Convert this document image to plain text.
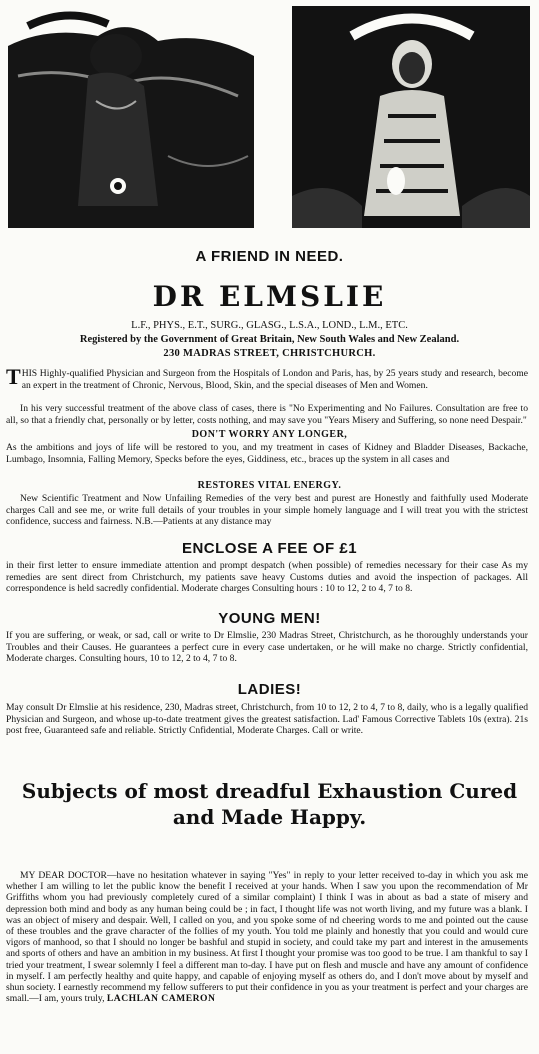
A FRIEND IN NEED.
DR ELMSLIE
L.F., PHYS., E.T., SURG., GLASG., L.S.A., LOND., L.M., ETC.
Registered by the Government of Great Britain, New South Wales and New Zealand.
230 MADRAS STREET, CHRISTCHURCH.

THIS Highly-qualified Physician and Surgeon from the Hospitals of London and Paris, has, by 25 years study and research, become an expert in the treatment of Chronic, Nervous, Blood, Skin, and the special diseases of Men and Women.

In his very successful treatment of the above class of cases, there is "No Experimenting and No Failures. Consultation are free to all, so that a friendly chat, personally or by letter, costs nothing, and may save you "Years Misery and Suffering, so none need Despair."

DON'T WORRY ANY LONGER,

As the ambitions and joys of life will be restored to you, and my treatment in cases of Kidney and Bladder Diseases, Backache, Lumbago, Insomnia, Falling Memory, Specks before the eyes, Giddiness, etc., braces up the system in all cases and

RESTORES VITAL ENERGY.

New Scientific Treatment and Now Unfailing Remedies of the very best and purest are Honestly and faithfully used Moderate charges Call and see me, or write full details of your troubles in your simple homely language and I will treat you with the strictest confidence, success and fairness. N.B.—Patients at any distance may

ENCLOSE A FEE OF £1

in their first letter to ensure immediate attention and prompt despatch (when possible) of remedies necessary for their case As my remedies are sent direct from Christchurch, my patients save heavy Customs duties and avoid the inspection of packages. All correspondence is held sacredly confidential. Moderate charges Consulting hours : 10 to 12, 2 to 4, 7 to 8.

YOUNG MEN!

If you are suffering, or weak, or sad, call or write to Dr Elmslie, 230 Madras Street, Christchurch, as he thoroughly understands your Troubles and their Causes. He guarantees a perfect cure in every case undertaken, or he will make no charge. Strictly confidential, Moderate charges. Consulting hours, 10 to 12, 2 to 4, 7 to 8.

LADIES!

May consult Dr Elmslie at his residence, 230, Madras street, Christchurch, from 10 to 12, 2 to 4, 7 to 8, daily, who is a legally qualified Physician and Surgeon, and whose up-to-date treatment gives the greatest satisfaction. Lad' Famous Corrective Tablets 10s (extra). 21s post free, Guaranteed safe and reliable. Strictly Cnfidential, Moderate Charges. Call or write.

Subjects of most dreadful Exhaustion Cured and Made Happy.

MY DEAR DOCTOR—have no hesitation whatever in saying "Yes" in reply to your letter received to-day in which you ask me whether I am willing to let the public know the benefit I received at your hands. When I saw you upon the recommendation of Mr Griffiths whom you had previously completely cured of a similar complaint) I think I was in about as bad a state of misery and depression both mind and body as any human being could be ; in fact, I thought life was not worth living, and my future was a blank. I was an object of misery and despair. Well, I called on you, and you spoke some of nd cheering words to me and pointed out the cause of these troubles and the grave character of the follies of my youth. You told me plainly and honestly that you could and would cure vigors of manhood, so that I should no longer be bashful and stupid in society, and could take my part and interest in the amusements and sports of others and have an ambition in my business. At first I thought your promise was too good to be true. I am thankful to say I tried your treatment, I swear solemnly I feel a different man to-day. I have put on flesh and muscle and have any amount of confidence in myself. I am perfectly healthy and quite happy, and capable of enjoying myself as others do, and I don't move about by myself and shun society. I earnestly recommend my fellow sufferers to put their confidence in you as your treatment is perfect and your charges are small.—I am, yours truly, LACHLAN CAMERON
